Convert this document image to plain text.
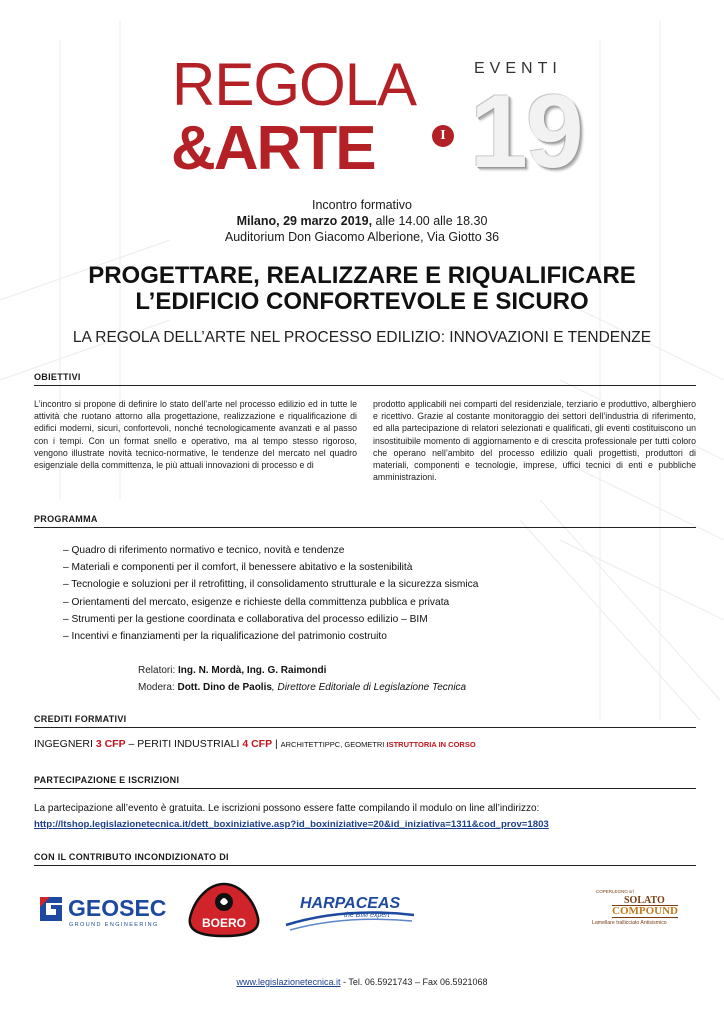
REGOLA
&ARTE	I
EVENTI
19
Incontro formativo
Milano, 29 marzo 2019, alle 14.00 alle 18.30
Auditorium Don Giacomo Alberione, Via Giotto 36
PROGETTARE, REALIZZARE E RIQUALIFICARE
L’EDIFICIO CONFORTEVOLE E SICURO
LA REGOLA DELL’ARTE NEL PROCESSO EDILIZIO: INNOVAZIONI E TENDENZE
OBIETTIVI
L’incontro si propone di definire lo stato dell’arte nel processo edilizio ed in tutte le attività che ruotano attorno alla progettazione, realizzazione e riqualificazione di edifici moderni, sicuri, confortevoli, nonché tecnologicamente avanzati e al passo con i tempi. Con un format snello e operativo, ma al tempo stesso rigoroso, vengono illustrate novità tecnico-normative, le tendenze del mercato nel quadro esigenziale della committenza, le più attuali innovazioni di processo e di
prodotto applicabili nei comparti del residenziale, terziario e produttivo, alberghiero e ricettivo. Grazie al costante monitoraggio dei settori dell’industria di riferimento, ed alla partecipazione di relatori selezionati e qualificati, gli eventi costituiscono un insostituibile momento di aggiornamento e di crescita professionale per tutti coloro che operano nell’ambito del processo edilizio quali progettisti, produttori di materiali, componenti e tecnologie, imprese, uffici tecnici di enti e pubbliche amministrazioni.
PROGRAMMA
– Quadro di riferimento normativo e tecnico, novità e tendenze
– Materiali e componenti per il comfort, il benessere abitativo e la sostenibilità
– Tecnologie e soluzioni per il retrofitting, il consolidamento strutturale e la sicurezza sismica
– Orientamenti del mercato, esigenze e richieste della committenza pubblica e privata
– Strumenti per la gestione coordinata e collaborativa del processo edilizio – BIM
– Incentivi e finanziamenti per la riqualificazione del patrimonio costruito
Relatori: Ing. N. Mordà, Ing. G. Raimondi
Modera: Dott. Dino de Paolis, Direttore Editoriale di Legislazione Tecnica
CREDITI FORMATIVI
INGEGNERI 3 CFP – PERITI INDUSTRIALI 4 CFP | ARCHITETTIPPC, GEOMETRI ISTRUTTORIA IN CORSO
PARTECIPAZIONE E ISCRIZIONI
La partecipazione all’evento è gratuita. Le iscrizioni possono essere fatte compilando il modulo on line all’indirizzo:
http://ltshop.legislazionetecnica.it/dett_boxiniziative.asp?id_boxiniziative=20&id_iniziativa=1311&cod_prov=1803
CON IL CONTRIBUTO INCONDIZIONATO DI
GEOSEC
GROUND ENGINEERING	BOERO
HARPACEAS
the BIM expert
COPERLEGNO srl
SOLATO
COMPOUND
Lamellare trallicciato Antisismico
www.legislazionetecnica.it - Tel. 06.5921743 – Fax 06.5921068
